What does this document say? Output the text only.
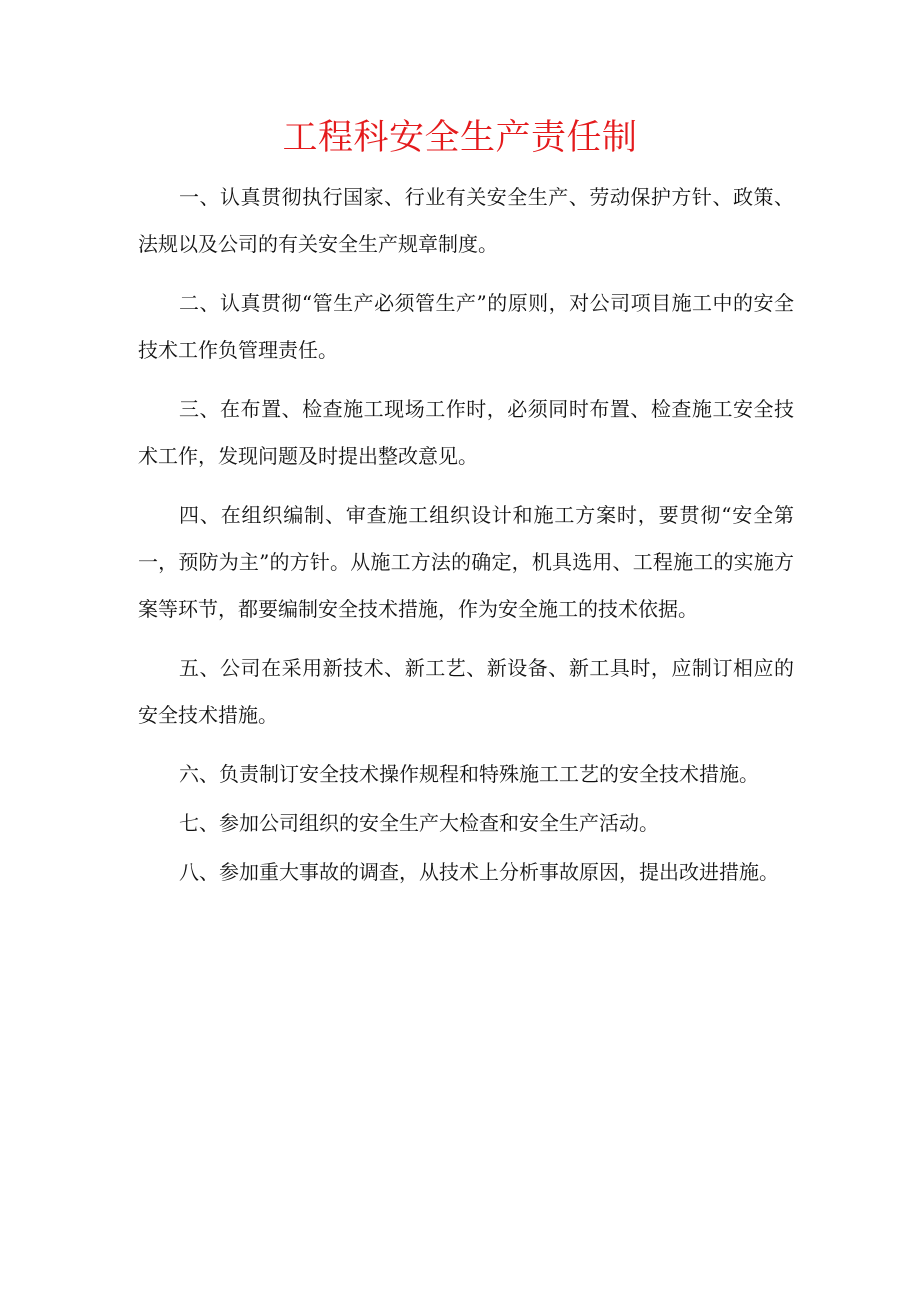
工程科安全生产责任制

一、认真贯彻执行国家、行业有关安全生产、劳动保护方针、政策、法规以及公司的有关安全生产规章制度。

二、认真贯彻“管生产必须管生产”的原则，对公司项目施工中的安全技术工作负管理责任。

三、在布置、检查施工现场工作时，必须同时布置、检查施工安全技术工作，发现问题及时提出整改意见。

四、在组织编制、审查施工组织设计和施工方案时，要贯彻“安全第一，预防为主”的方针。从施工方法的确定，机具选用、工程施工的实施方案等环节，都要编制安全技术措施，作为安全施工的技术依据。

五、公司在采用新技术、新工艺、新设备、新工具时，应制订相应的安全技术措施。

六、负责制订安全技术操作规程和特殊施工工艺的安全技术措施。

七、参加公司组织的安全生产大检查和安全生产活动。

八、参加重大事故的调查，从技术上分析事故原因，提出改进措施。
